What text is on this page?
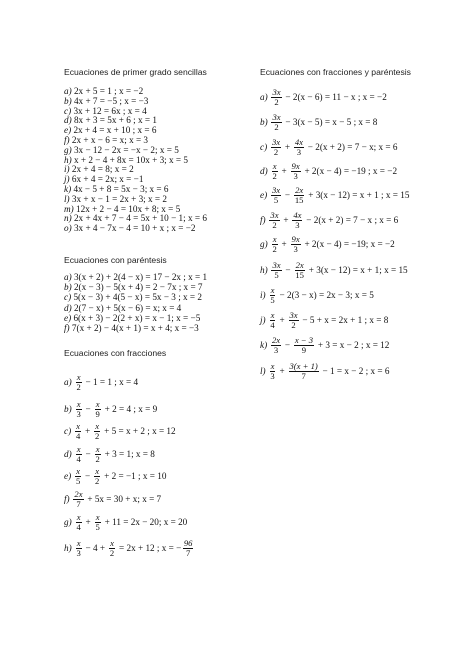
Ecuaciones de primer grado sencillas
a) 2x + 5 = 1 ; x = −2
b) 4x + 7 = −5 ; x = −3
c) 3x + 12 = 6x ; x = 4
d) 8x + 3 = 5x + 6 ; x = 1
e) 2x + 4 = x + 10 ; x = 6
f) 2x + x − 6 = x; x = 3
g) 3x − 12 − 2x = −x − 2; x = 5
h) x + 2 − 4 + 8x = 10x + 3; x = 5
i) 2x + 4 = 8; x = 2
j) 6x + 4 = 2x; x = −1
k) 4x − 5 + 8 = 5x − 3; x = 6
l) 3x + x − 1 = 2x + 3; x = 2
m) 12x + 2 − 4 = 10x + 8; x = 5
n) 2x + 4x + 7 − 4 = 5x + 10 − 1; x = 6
o) 3x + 4 − 7x − 4 = 10 + x ; x = −2
Ecuaciones con paréntesis
a) 3(x + 2) + 2(4 − x) = 17 − 2x ; x = 1
b) 2(x − 3) − 5(x + 4) = 2 − 7x ; x = 7
c) 5(x − 3) + 4(5 − x) = 5x − 3 ; x = 2
d) 2(7 − x) + 5(x − 6) = x; x = 4
e) 6(x + 3) − 2(2 + x) = x − 1; x = −5
f) 7(x + 2) − 4(x + 1) = x + 4; x = −3
Ecuaciones con fracciones
$a) \frac{x}{2} - 1 = 1$ ; x = 4
$b) \frac{x}{3} - \frac{x}{9} + 2 = 4$ ; x = 9
$c) \frac{x}{4} + \frac{x}{2} + 5 = x + 2$ ; x = 12
$d) \frac{x}{4} - \frac{x}{2} + 3 = 1$; x = 8
$e) \frac{x}{5} - \frac{x}{2} + 2 = -1$ ; x = 10
$f) \frac{2x}{7} + 5x = 30 + x$; x = 7
$g) \frac{x}{4} + \frac{x}{5} + 11 = 2x - 20$; x = 20
$h) \frac{x}{3} - 4 + \frac{x}{2} = 2x + 12$ ; x = − $\frac{96}{7}$
Ecuaciones con fracciones y paréntesis
$a) \frac{3x}{2} - 2(x - 6) = 11 - x$ ; x = −2
$b) \frac{3x}{2} - 3(x - 5) = x - 5$ ; x = 8
$c) \frac{3x}{2} + \frac{4x}{3} - 2(x + 2) = 7 - x$; x = 6
$d) \frac{x}{2} + \frac{9x}{3} + 2(x - 4) = -19$ ; x = −2
$e) \frac{3x}{5} - \frac{2x}{15} + 3(x - 12) = x + 1$ ; x = 15
$f) \frac{3x}{2} + \frac{4x}{3} - 2(x + 2) = 7 - x$ ; x = 6
$g) \frac{x}{2} + \frac{9x}{3} + 2(x - 4) = -19$; x = −2
$h) \frac{3x}{5} - \frac{2x}{15} + 3(x - 12) = x + 1$; x = 15
$i) \frac{x}{5} - 2(3 - x) = 2x - 3$; x = 5
$j) \frac{x}{4} + \frac{3x}{2} - 5 + x = 2x + 1$ ; x = 8
$k) \frac{2x}{3} - \frac{x - 3}{9} + 3 = x - 2$ ; x = 12
$l) \frac{x}{3} + \frac{3(x + 1)}{7} - 1 = x - 2$ ; x = 6
